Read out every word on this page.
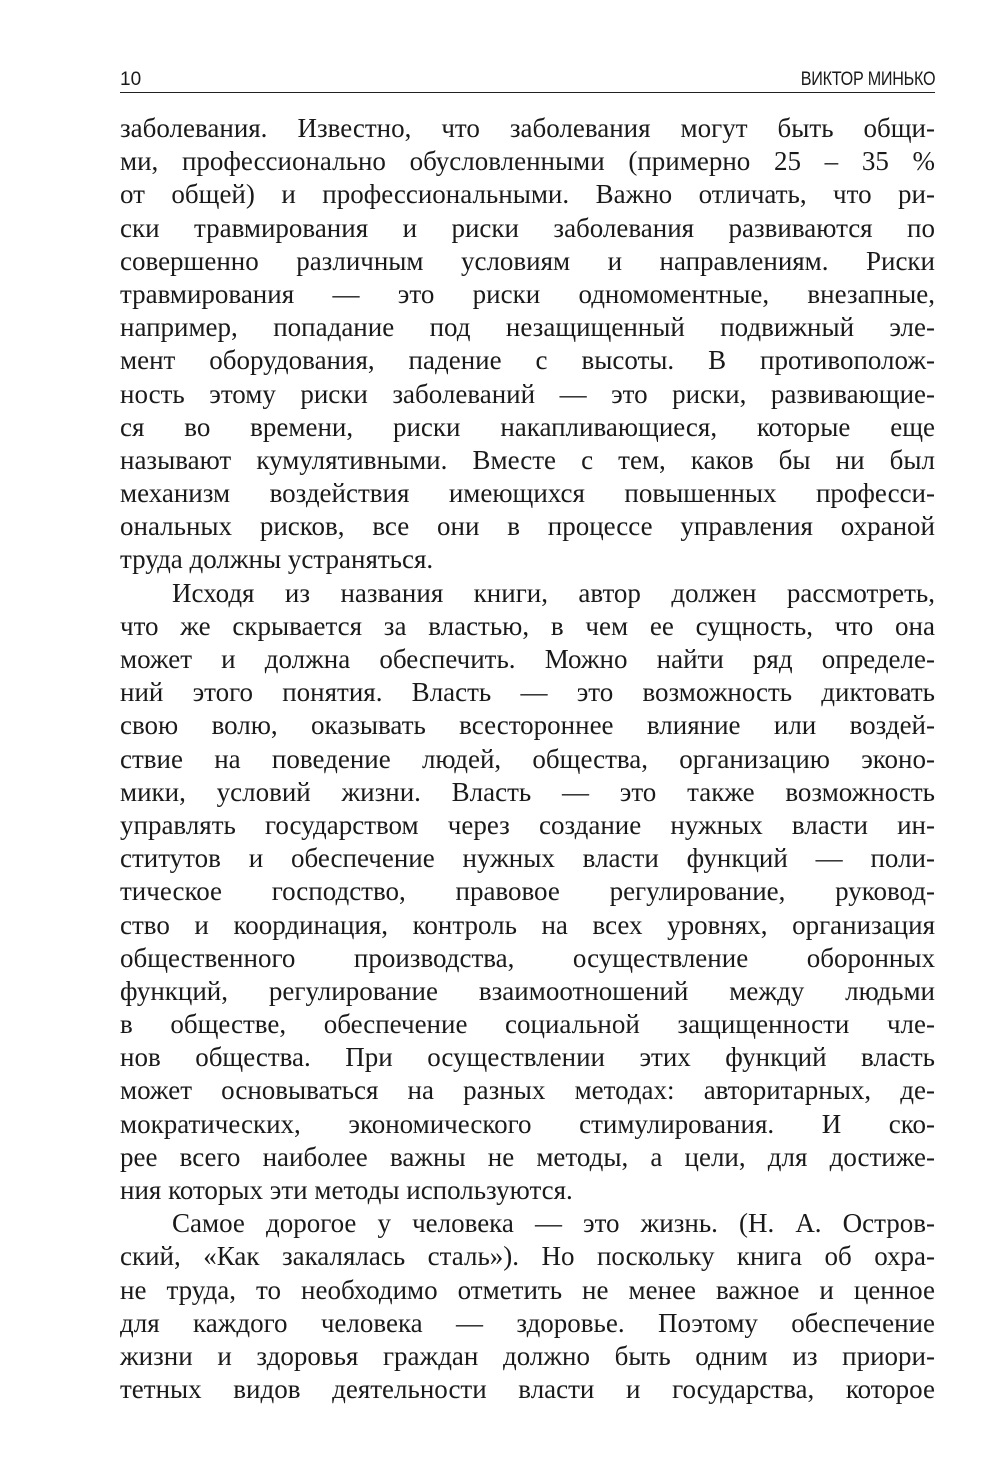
10	ВИКТОР МИНЬКО
заболевания. Известно, что заболевания могут быть общи-
ми, профессионально обусловленными (примерно 25 – 35 %
от общей) и профессиональными. Важно отличать, что ри-
ски травмирования и риски заболевания развиваются по
совершенно различным условиям и направлениям. Риски
травмирования — это риски одномоментные, внезапные,
например, попадание под незащищенный подвижный эле-
мент оборудования, падение с высоты. В противополож-
ность этому риски заболеваний — это риски, развивающие-
ся во времени, риски накапливающиеся, которые еще
называют кумулятивными. Вместе с тем, каков бы ни был
механизм воздействия имеющихся повышенных професси-
ональных рисков, все они в процессе управления охраной
труда должны устраняться.
Исходя из названия книги, автор должен рассмотреть,
что же скрывается за властью, в чем ее сущность, что она
может и должна обеспечить. Можно найти ряд определе-
ний этого понятия. Власть — это возможность диктовать
свою волю, оказывать всестороннее влияние или воздей-
ствие на поведение людей, общества, организацию эконо-
мики, условий жизни. Власть — это также возможность
управлять государством через создание нужных власти ин-
ститутов и обеспечение нужных власти функций — поли-
тическое господство, правовое регулирование, руковод-
ство и координация, контроль на всех уровнях, организация
общественного производства, осуществление оборонных
функций, регулирование взаимоотношений между людьми
в обществе, обеспечение социальной защищенности чле-
нов общества. При осуществлении этих функций власть
может основываться на разных методах: авторитарных, де-
мократических, экономического стимулирования. И ско-
рее всего наиболее важны не методы, а цели, для достиже-
ния которых эти методы используются.
Самое дорогое у человека — это жизнь. (Н. А. Остров-
ский, «Как закалялась сталь»). Но поскольку книга об охра-
не труда, то необходимо отметить не менее важное и ценное
для каждого человека — здоровье. Поэтому обеспечение
жизни и здоровья граждан должно быть одним из приори-
тетных видов деятельности власти и государства, которое
